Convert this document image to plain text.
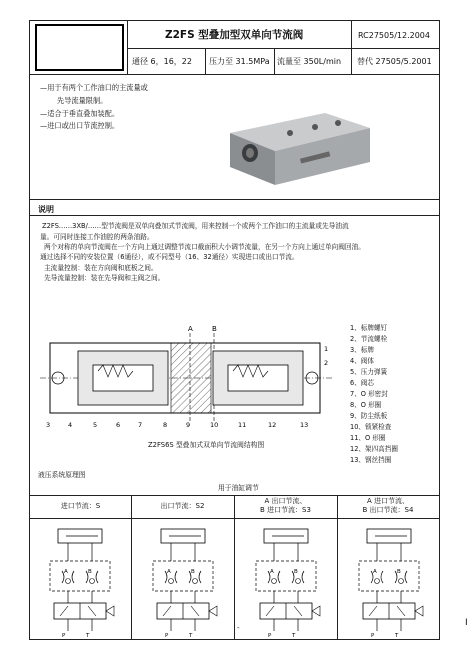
Z2FS 型叠加型双单向节流阀	RC27505/12.2004
通径 6，16，22 压力至 31.5MPa 流量至 350L/min 替代 27505/5.2001
—用于有两个工作油口的主流量或
先导流量限制。
—适合于垂直叠加装配。
—进口或出口节流控制。
说明
Z2FS……3XB/……型节流阀是双单向叠加式节流阀，用来控制一个或两个工作油口的主流量或先导油流
量。可同时连接工作油腔的两条油路。
两个对称的单向节流阀在一个方向上通过调整节流口截面积大小调节流量，在另一个方向上通过单向阀回油。
通过选择不同的安装位置（6通径），或不同型号（16、32通径）实现进口或出口节流。
主流量控制：装在方向阀和底板之间。
先导流量控制：装在先导阀和主阀之间。
A	B
3	4	5	6	7	8	9	10	11	12	13
1
2
1、标牌螺钉
2、节流螺栓
3、标牌
4、阀体
5、压力弹簧
6、阀芯
7、O 形密封
8、O 形圈
9、防尘纸板
10、锁紧检查
11、O 形圈
12、架四高挡圈
13、钢丝挡圈
Z2FS6S 型叠加式双单向节流阀结构图
液压系统原理图
用于油缸调节
进口节流：S	出口节流：S2
A 出口节流、
B 进口节流：S3
A 进口节流、
B 出口节流：S4
A	B
P	T
A	B
P	T
A	B
P	T
A	B
P	T
-	I
